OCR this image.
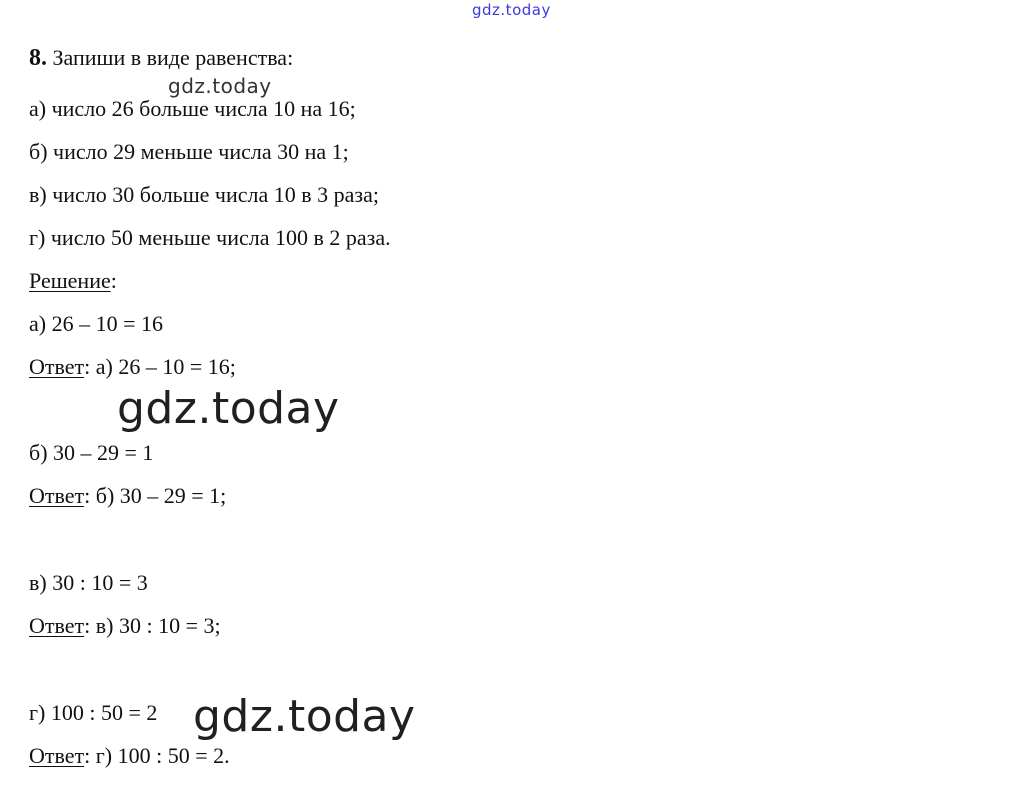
gdz.today
8. Запиши в виде равенства:
gdz.today
а) число 26 больше числа 10 на 16;
б) число 29 меньше числа 30 на 1;
в) число 30 больше числа 10 в 3 раза;
г) число 50 меньше числа 100 в 2 раза.
Решение:
а) 26 – 10 = 16
Ответ: а) 26 – 10 = 16;
gdz.today
б) 30 – 29 = 1
Ответ: б) 30 – 29 = 1;
в) 30 : 10 = 3
Ответ: в) 30 : 10 = 3;
г) 100 : 50 = 2 gdz.today
Ответ: г) 100 : 50 = 2.
